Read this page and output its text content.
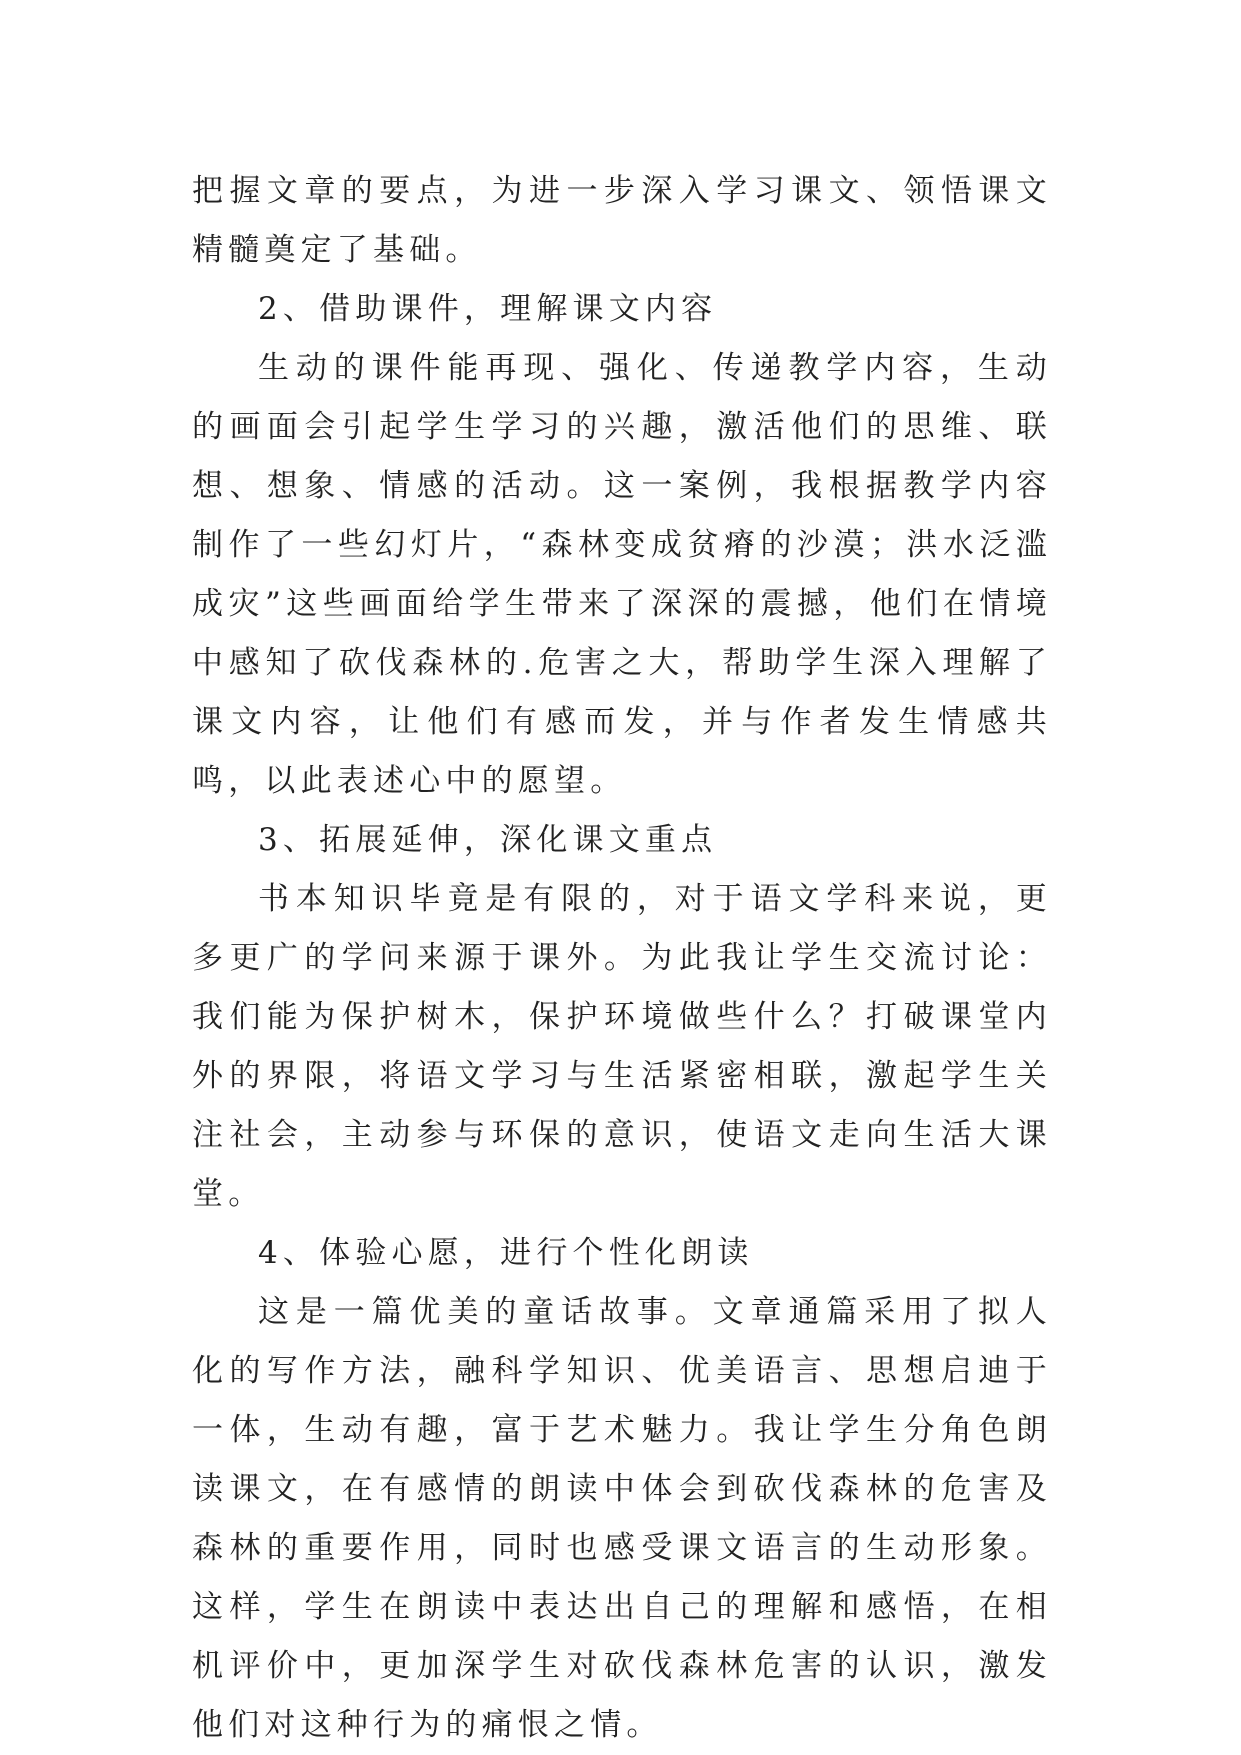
把握文章的要点，为进一步深入学习课文、领悟课文精髓奠定了基础。

2、借助课件，理解课文内容

生动的课件能再现、强化、传递教学内容，生动的画面会引起学生学习的兴趣，激活他们的思维、联想、想象、情感的活动。这一案例，我根据教学内容制作了一些幻灯片，“森林变成贫瘠的沙漠；洪水泛滥成灾”这些画面给学生带来了深深的震撼，他们在情境中感知了砍伐森林的.危害之大，帮助学生深入理解了课文内容，让他们有感而发，并与作者发生情感共鸣，以此表述心中的愿望。

3、拓展延伸，深化课文重点

书本知识毕竟是有限的，对于语文学科来说，更多更广的学问来源于课外。为此我让学生交流讨论：我们能为保护树木，保护环境做些什么？打破课堂内外的界限，将语文学习与生活紧密相联，激起学生关注社会，主动参与环保的意识，使语文走向生活大课堂。

4、体验心愿，进行个性化朗读

这是一篇优美的童话故事。文章通篇采用了拟人化的写作方法，融科学知识、优美语言、思想启迪于一体，生动有趣，富于艺术魅力。我让学生分角色朗读课文，在有感情的朗读中体会到砍伐森林的危害及森林的重要作用，同时也感受课文语言的生动形象。这样，学生在朗读中表达出自己的理解和感悟，在相机评价中，更加深学生对砍伐森林危害的认识，激发他们对这种行为的痛恨之情。
